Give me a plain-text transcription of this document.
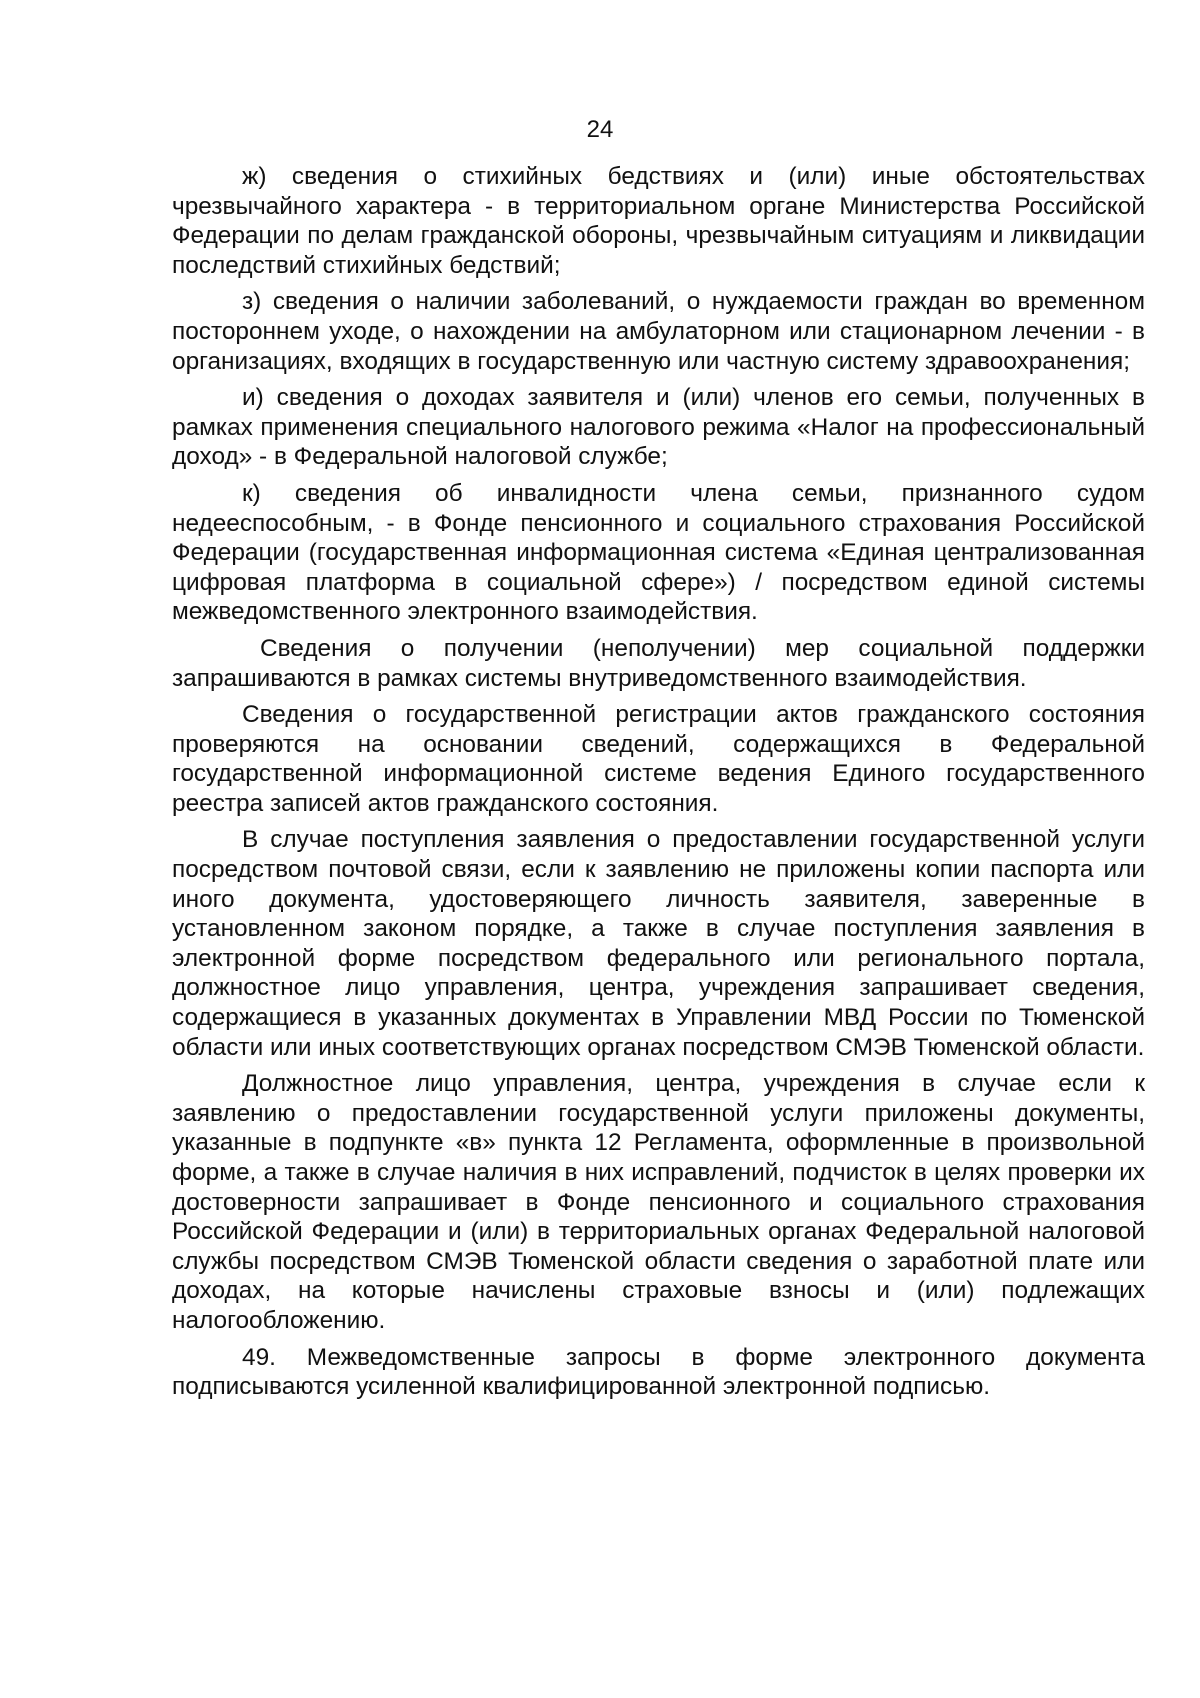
24

ж) сведения о стихийных бедствиях и (или) иные обстоятельствах чрезвычайного характера - в территориальном органе Министерства Российской Федерации по делам гражданской обороны, чрезвычайным ситуациям и ликвидации последствий стихийных бедствий;

з) сведения о наличии заболеваний, о нуждаемости граждан во временном постороннем уходе, о нахождении на амбулаторном или стационарном лечении - в организациях, входящих в государственную или частную систему здравоохранения;

и) сведения о доходах заявителя и (или) членов его семьи, полученных в рамках применения специального налогового режима «Налог на профессиональный доход» - в Федеральной налоговой службе;

к) сведения об инвалидности члена семьи, признанного судом недееспособным, - в Фонде пенсионного и социального страхования Российской Федерации (государственная информационная система «Единая централизованная цифровая платформа в социальной сфере») / посредством единой системы межведомственного электронного взаимодействия.

Сведения о получении (неполучении) мер социальной поддержки запрашиваются в рамках системы внутриведомственного взаимодействия.

Сведения о государственной регистрации актов гражданского состояния проверяются на основании сведений, содержащихся в Федеральной государственной информационной системе ведения Единого государственного реестра записей актов гражданского состояния.

В случае поступления заявления о предоставлении государственной услуги посредством почтовой связи, если к заявлению не приложены копии паспорта или иного документа, удостоверяющего личность заявителя, заверенные в установленном законом порядке, а также в случае поступления заявления в электронной форме посредством федерального или регионального портала, должностное лицо управления, центра, учреждения запрашивает сведения, содержащиеся в указанных документах в Управлении МВД России по Тюменской области или иных соответствующих органах посредством СМЭВ Тюменской области.

Должностное лицо управления, центра, учреждения в случае если к заявлению о предоставлении государственной услуги приложены документы, указанные в подпункте «в» пункта 12 Регламента, оформленные в произвольной форме, а также в случае наличия в них исправлений, подчисток в целях проверки их достоверности запрашивает в Фонде пенсионного и социального страхования Российской Федерации и (или) в территориальных органах Федеральной налоговой службы посредством СМЭВ Тюменской области сведения о заработной плате или доходах, на которые начислены страховые взносы и (или) подлежащих налогообложению.

49. Межведомственные запросы в форме электронного документа подписываются усиленной квалифицированной электронной подписью.
